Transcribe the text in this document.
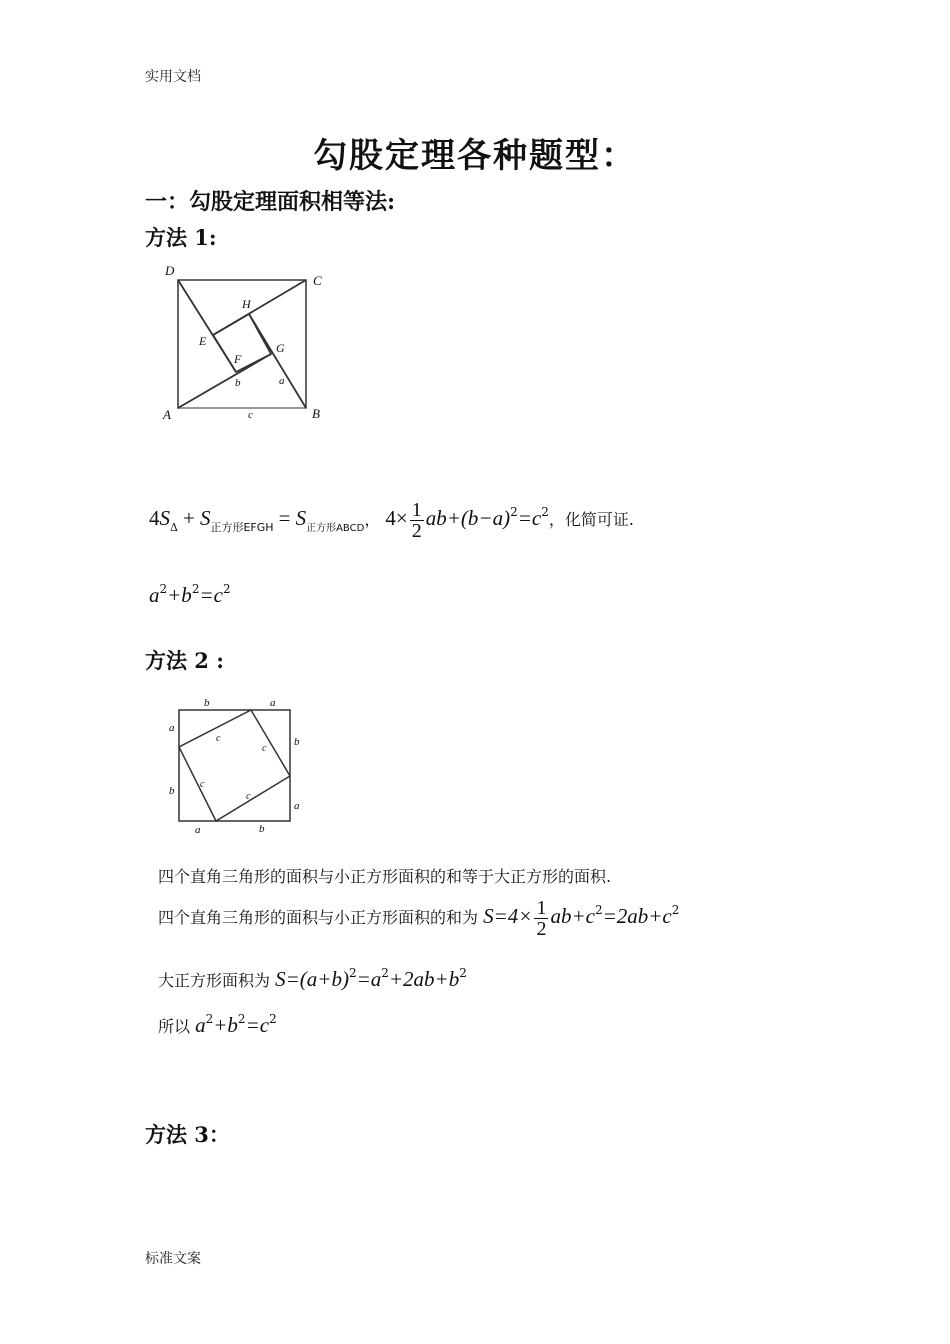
实用文档
勾股定理各种题型：
一：勾股定理面积相等法:
方法 1:
D
C
A	B
H
E
F
G
b	a
c
$4S_\Delta + S_{正方形EFGH} = S_{正方形ABCD}$， $4\times \frac{1}{2} ab+(b-a)^2=c^2$，化简可证.
$a^2+b^2=c^2$
方法 2 :
b	a
a
b
b
a
a	b
c
c
c
c
四个直角三角形的面积与小正方形面积的和等于大正方形的面积.
四个直角三角形的面积与小正方形面积的和为 $S=4\times \frac{1}{2} ab+c^2=2ab+c^2$
大正方形面积为 $S=(a+b)^2=a^2+2ab+b^2$
所以 $a^2+b^2=c^2$
方法 3：
标准文案
